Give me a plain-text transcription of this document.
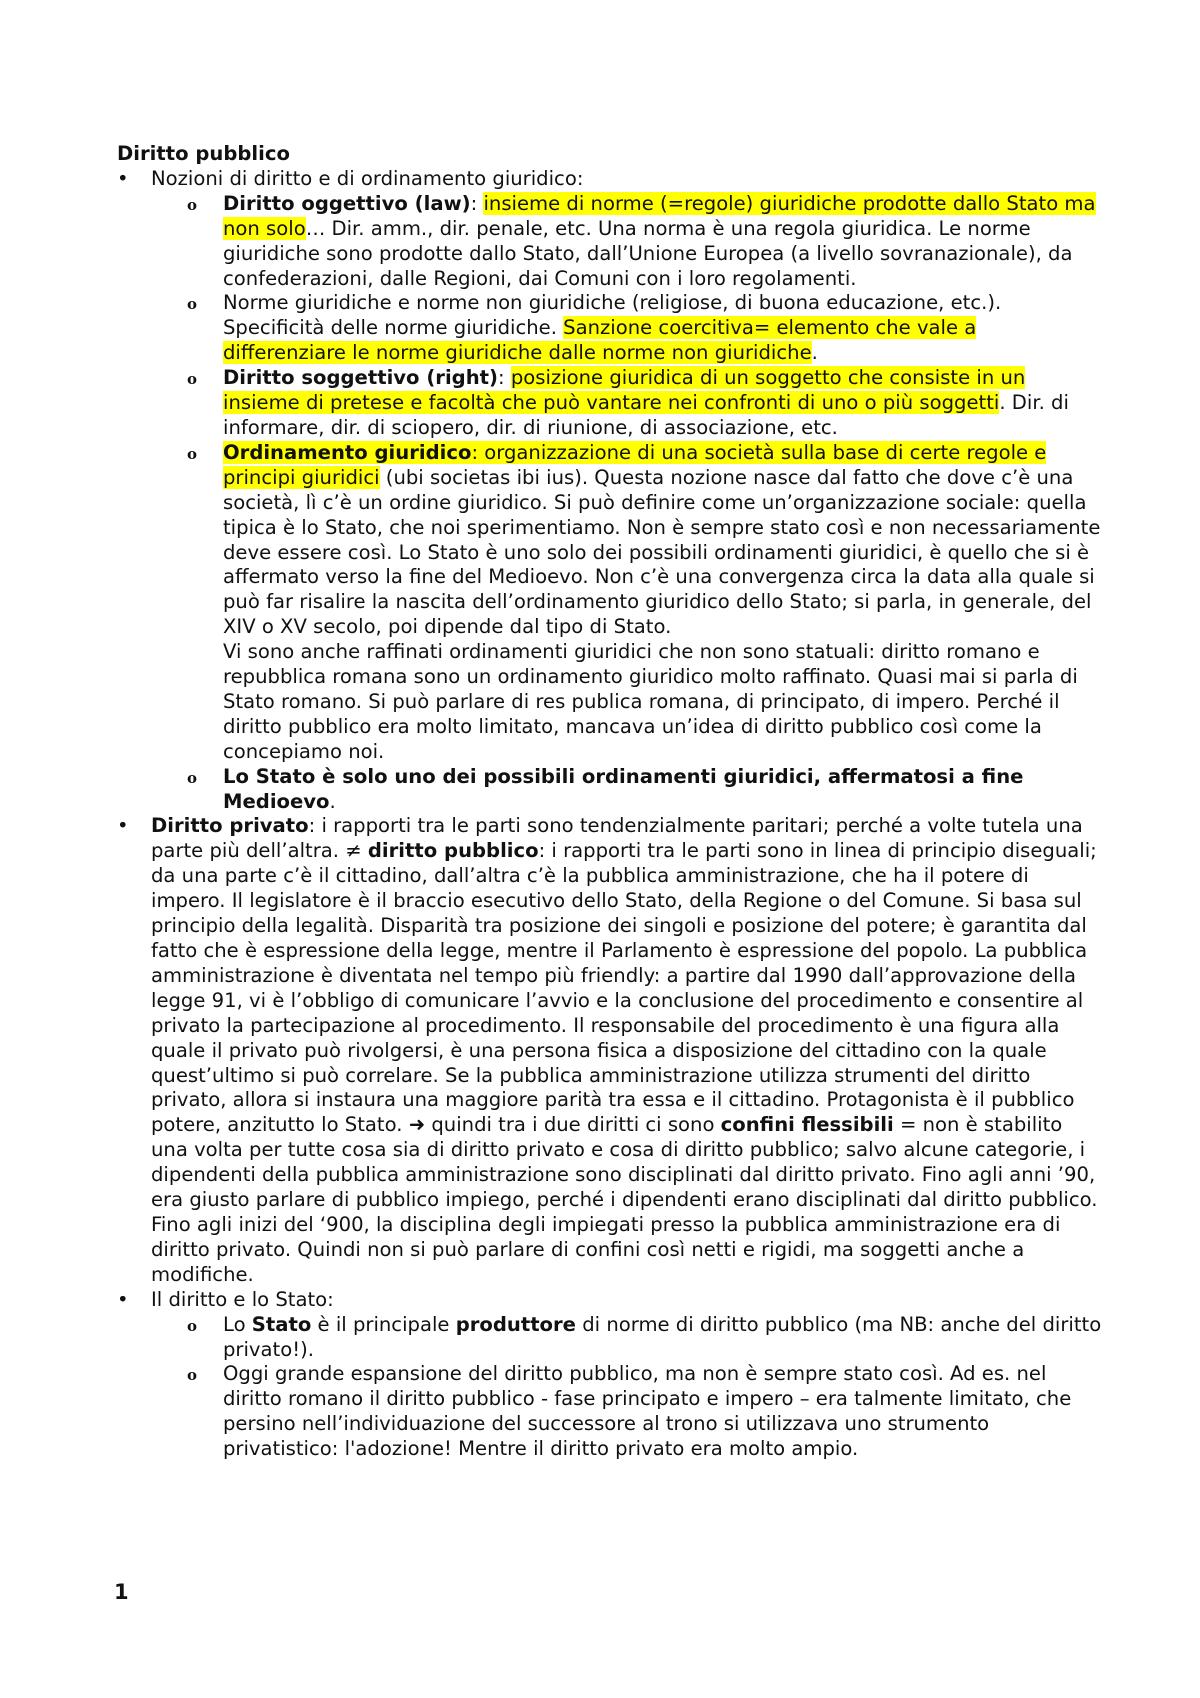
Diritto pubblico
• Nozioni di diritto e di ordinamento giuridico:
o Diritto oggettivo (law): insieme di norme (=regole) giuridiche prodotte dallo Stato ma non solo… Dir. amm., dir. penale, etc. Una norma è una regola giuridica. Le norme giuridiche sono prodotte dallo Stato, dall’Unione Europea (a livello sovranazionale), da confederazioni, dalle Regioni, dai Comuni con i loro regolamenti.
o Norme giuridiche e norme non giuridiche (religiose, di buona educazione, etc.). Specificità delle norme giuridiche. Sanzione coercitiva= elemento che vale a differenziare le norme giuridiche dalle norme non giuridiche.
o Diritto soggettivo (right): posizione giuridica di un soggetto che consiste in un insieme di pretese e facoltà che può vantare nei confronti di uno o più soggetti. Dir. di informare, dir. di sciopero, dir. di riunione, di associazione, etc.
o Ordinamento giuridico: organizzazione di una società sulla base di certe regole e principi giuridici (ubi societas ibi ius). Questa nozione nasce dal fatto che dove c’è una società, lì c’è un ordine giuridico. Si può definire come un’organizzazione sociale: quella tipica è lo Stato, che noi sperimentiamo. Non è sempre stato così e non necessariamente deve essere così. Lo Stato è uno solo dei possibili ordinamenti giuridici, è quello che si è affermato verso la fine del Medioevo. Non c’è una convergenza circa la data alla quale si può far risalire la nascita dell’ordinamento giuridico dello Stato; si parla, in generale, del XIV o XV secolo, poi dipende dal tipo di Stato.
Vi sono anche raffinati ordinamenti giuridici che non sono statuali: diritto romano e repubblica romana sono un ordinamento giuridico molto raffinato. Quasi mai si parla di Stato romano. Si può parlare di res publica romana, di principato, di impero. Perché il diritto pubblico era molto limitato, mancava un’idea di diritto pubblico così come la concepiamo noi.
o Lo Stato è solo uno dei possibili ordinamenti giuridici, affermatosi a fine Medioevo.
• Diritto privato: i rapporti tra le parti sono tendenzialmente paritari; perché a volte tutela una parte più dell’altra. ≠ diritto pubblico: i rapporti tra le parti sono in linea di principio diseguali; da una parte c’è il cittadino, dall’altra c’è la pubblica amministrazione, che ha il potere di impero. Il legislatore è il braccio esecutivo dello Stato, della Regione o del Comune. Si basa sul principio della legalità. Disparità tra posizione dei singoli e posizione del potere; è garantita dal fatto che è espressione della legge, mentre il Parlamento è espressione del popolo. La pubblica amministrazione è diventata nel tempo più friendly: a partire dal 1990 dall’approvazione della legge 91, vi è l’obbligo di comunicare l’avvio e la conclusione del procedimento e consentire al privato la partecipazione al procedimento. Il responsabile del procedimento è una figura alla quale il privato può rivolgersi, è una persona fisica a disposizione del cittadino con la quale quest’ultimo si può correlare. Se la pubblica amministrazione utilizza strumenti del diritto privato, allora si instaura una maggiore parità tra essa e il cittadino. Protagonista è il pubblico potere, anzitutto lo Stato. ➜ quindi tra i due diritti ci sono confini flessibili = non è stabilito una volta per tutte cosa sia di diritto privato e cosa di diritto pubblico; salvo alcune categorie, i dipendenti della pubblica amministrazione sono disciplinati dal diritto privato. Fino agli anni ’90, era giusto parlare di pubblico impiego, perché i dipendenti erano disciplinati dal diritto pubblico. Fino agli inizi del ‘900, la disciplina degli impiegati presso la pubblica amministrazione era di diritto privato. Quindi non si può parlare di confini così netti e rigidi, ma soggetti anche a modifiche.
• Il diritto e lo Stato:
o Lo Stato è il principale produttore di norme di diritto pubblico (ma NB: anche del diritto privato!).
o Oggi grande espansione del diritto pubblico, ma non è sempre stato così. Ad es. nel diritto romano il diritto pubblico - fase principato e impero – era talmente limitato, che persino nell’individuazione del successore al trono si utilizzava uno strumento privatistico: l'adozione! Mentre il diritto privato era molto ampio.
1
